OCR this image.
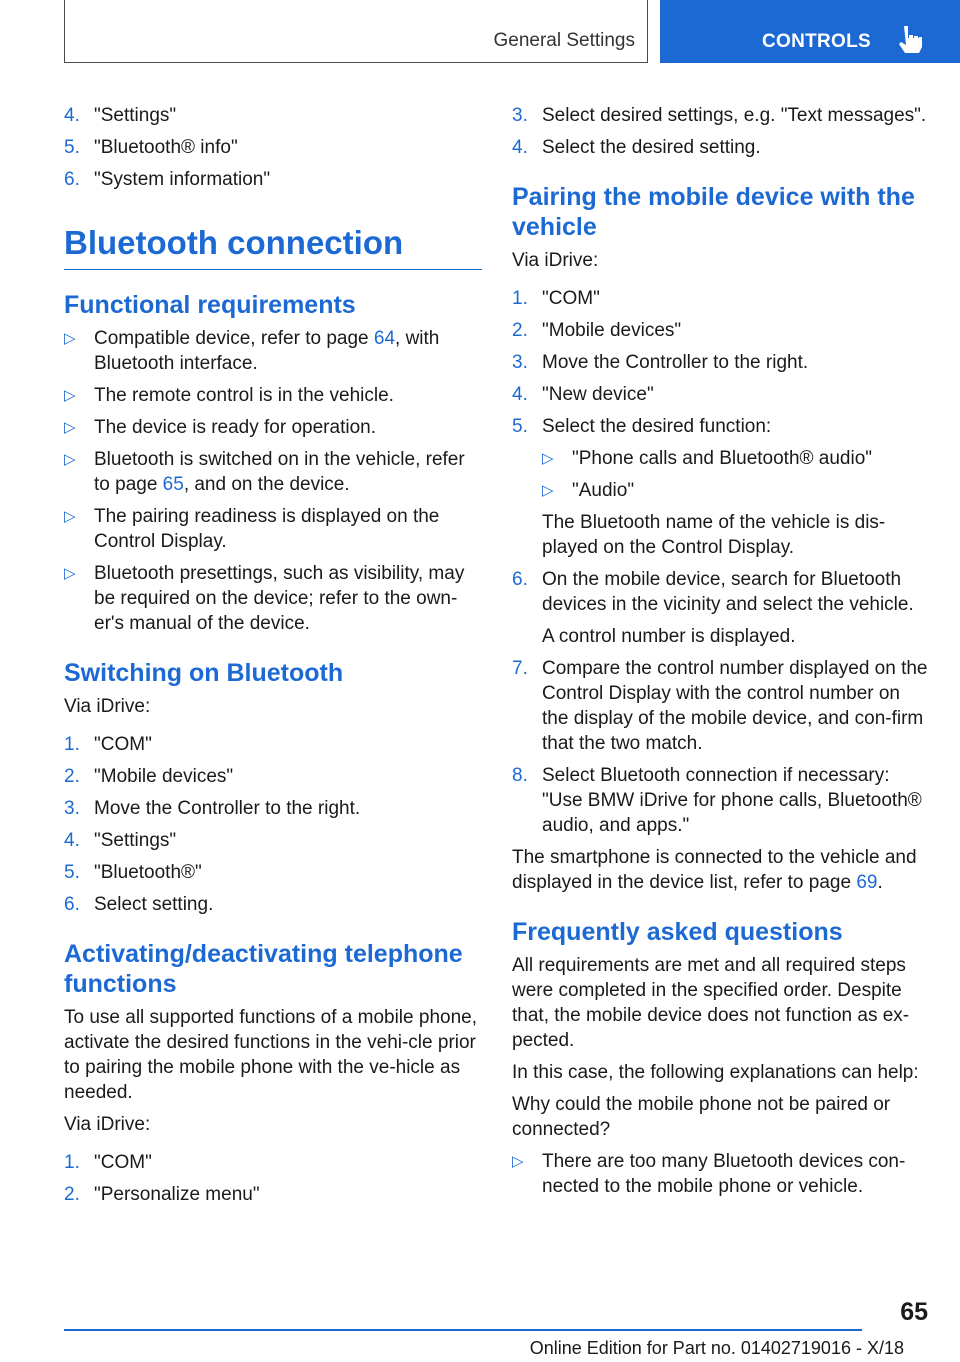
General Settings	CONTROLS
4. "Settings"
5. "Bluetooth® info"
6. "System information"
Bluetooth connection
Functional requirements
▷ Compatible device, refer to page 64, with Bluetooth interface.
▷ The remote control is in the vehicle.
▷ The device is ready for operation.
▷ Bluetooth is switched on in the vehicle, refer to page 65, and on the device.
▷ The pairing readiness is displayed on the Control Display.
▷ Bluetooth presettings, such as visibility, may be required on the device; refer to the own‐er's manual of the device.
Switching on Bluetooth

Via iDrive:

1. "COM"
2. "Mobile devices"
3. Move the Controller to the right.
4. "Settings"
5. "Bluetooth®"
6. Select setting.
Activating/deactivating telephone functions

To use all supported functions of a mobile phone, activate the desired functions in the vehi‐cle prior to pairing the mobile phone with the ve‐hicle as needed.

Via iDrive:

1. "COM"
2. "Personalize menu"
3. Select desired settings, e.g. "Text messages".
4. Select the desired setting.
Pairing the mobile device with the vehicle

Via iDrive:

1. "COM"
2. "Mobile devices"
3. Move the Controller to the right.
4. "New device"
5. Select the desired function:
▷ "Phone calls and Bluetooth® audio"
▷ "Audio"

The Bluetooth name of the vehicle is dis‐played on the Control Display.

6. On the mobile device, search for Bluetooth devices in the vicinity and select the vehicle.

A control number is displayed.

7. Compare the control number displayed on the Control Display with the control number on the display of the mobile device, and con‐firm that the two match.
8. Select Bluetooth connection if necessary: "Use BMW iDrive for phone calls, Bluetooth® audio, and apps."

The smartphone is connected to the vehicle and displayed in the device list, refer to page 69.

Frequently asked questions

All requirements are met and all required steps were completed in the specified order. Despite that, the mobile device does not function as ex‐pected.

In this case, the following explanations can help:

Why could the mobile phone not be paired or connected?

▷ There are too many Bluetooth devices con‐nected to the mobile phone or vehicle.
65
Online Edition for Part no. 01402719016 - X/18
